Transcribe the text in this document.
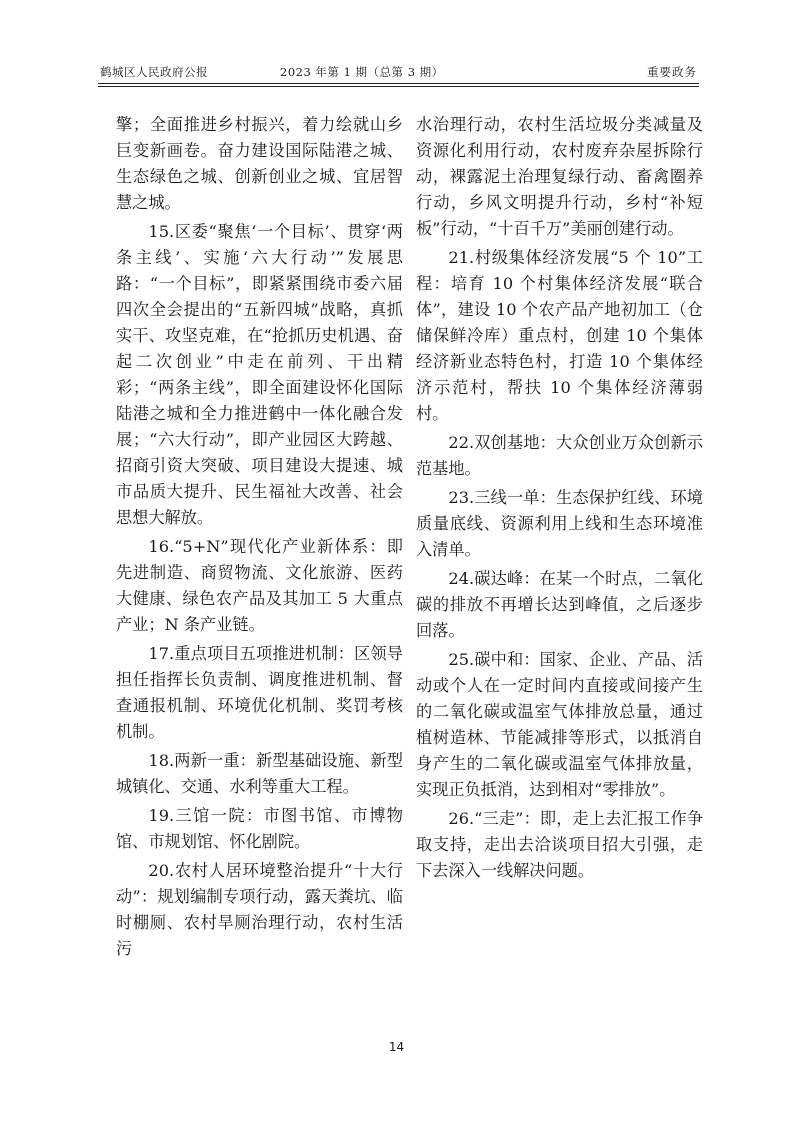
鹤城区人民政府公报	2023 年第 1 期（总第 3 期）	重要政务

擎；全面推进乡村振兴，着力绘就山乡巨变新画卷。奋力建设国际陆港之城、生态绿色之城、创新创业之城、宜居智慧之城。

15.区委“聚焦‘一个目标’、贯穿‘两条主线’、实施‘六大行动’”发展思路：“一个目标”，即紧紧围绕市委六届四次全会提出的“五新四城”战略，真抓实干、攻坚克难，在“抢抓历史机遇、奋起二次创业”中走在前列、干出精彩；“两条主线”，即全面建设怀化国际陆港之城和全力推进鹤中一体化融合发展；“六大行动”，即产业园区大跨越、招商引资大突破、项目建设大提速、城市品质大提升、民生福祉大改善、社会思想大解放。

16.“5+N”现代化产业新体系：即先进制造、商贸物流、文化旅游、医药大健康、绿色农产品及其加工 5 大重点产业；N 条产业链。

17.重点项目五项推进机制：区领导担任指挥长负责制、调度推进机制、督查通报机制、环境优化机制、奖罚考核机制。

18.两新一重：新型基础设施、新型城镇化、交通、水利等重大工程。

19.三馆一院：市图书馆、市博物馆、市规划馆、怀化剧院。

20.农村人居环境整治提升“十大行动”：规划编制专项行动，露天粪坑、临时棚厕、农村旱厕治理行动，农村生活污

水治理行动，农村生活垃圾分类减量及资源化利用行动，农村废弃杂屋拆除行动，裸露泥土治理复绿行动、畜禽圈养行动，乡风文明提升行动，乡村“补短板”行动，“十百千万”美丽创建行动。

21.村级集体经济发展“5 个 10”工程：培育 10 个村集体经济发展“联合体”，建设 10 个农产品产地初加工（仓储保鲜冷库）重点村，创建 10 个集体经济新业态特色村，打造 10 个集体经济示范村，帮扶 10 个集体经济薄弱村。

22.双创基地：大众创业万众创新示范基地。

23.三线一单：生态保护红线、环境质量底线、资源利用上线和生态环境准入清单。

24.碳达峰：在某一个时点，二氧化碳的排放不再增长达到峰值，之后逐步回落。

25.碳中和：国家、企业、产品、活动或个人在一定时间内直接或间接产生的二氧化碳或温室气体排放总量，通过植树造林、节能减排等形式，以抵消自身产生的二氧化碳或温室气体排放量，实现正负抵消，达到相对“零排放”。

26.“三走”：即，走上去汇报工作争取支持，走出去洽谈项目招大引强，走下去深入一线解决问题。

14
